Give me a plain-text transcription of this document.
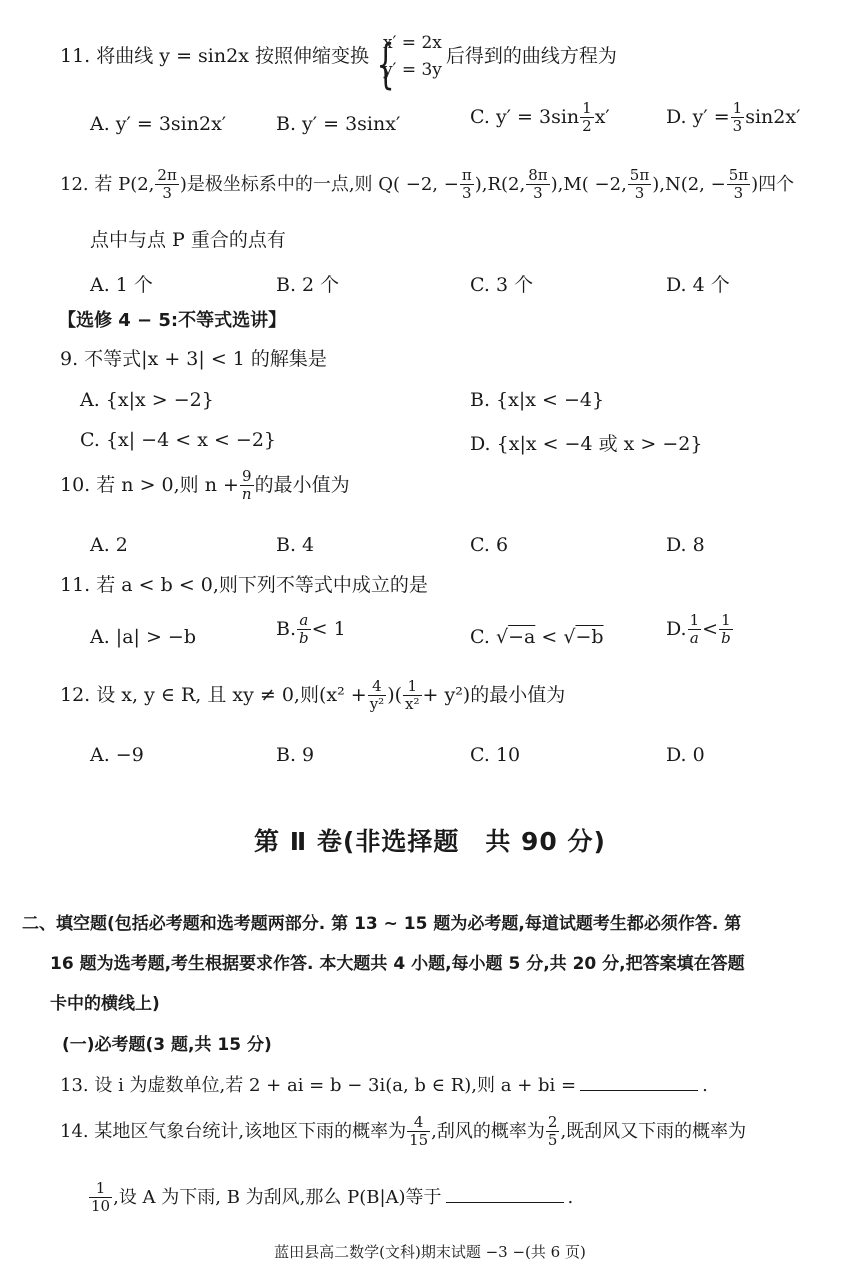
11. 将曲线 y = sin2x 按照伸缩变换
{ x′ = 2x
y′ = 3y
后得到的曲线方程为
A. y′ = 3sin2x′	B. y′ = 3sinx′	C. $y' = 3\sin \frac{1}{2} x'$	D. $y' = \frac{1}{3} \sin 2x'$
12. 若 P(2, $\frac{2\pi}{3}$ )是极坐标系中的一点,则 Q( −2, − $\frac{\pi}{3} ),R(2$, $\frac{8\pi}{3} ),M( -2$, $\frac{5\pi}{3} ),N(2$, − $\frac{5\pi}{3}$ )四个
点中与点 P 重合的点有
A. 1 个	B. 2 个	C. 3 个	D. 4 个
【选修 4 − 5:不等式选讲】
9. 不等式|x + 3| < 1 的解集是
A. {x|x > −2}	B. {x|x < −4}
C. {x| −4 < x < −2}	D. {x|x < −4 或 x > −2}
10. 若 n > 0,则 $n + \frac{9}{n}$ 的最小值为
A. 2	B. 4	C. 6	D. 8
11. 若 a < b < 0,则下列不等式中成立的是
A. |a| > −b	B. $\frac{a}{b} < 1$	C. √−a < √−b	D. $\frac{1}{a} < \frac{1}{b}$
12. 设 x, y ∈ R, 且 xy ≠ 0,则($x^2 + \frac{4}{\text{y²}}$ )( $\frac{1}{\text{x²}} + y^2$)的最小值为
A. −9	B. 9	C. 10	D. 0
第 Ⅱ 卷(非选择题　共 90 分)
二、填空题(包括必考题和选考题两部分. 第 13 ~ 15 题为必考题,每道试题考生都必须作答. 第
16 题为选考题,考生根据要求作答. 本大题共 4 小题,每小题 5 分,共 20 分,把答案填在答题
卡中的横线上)
(一)必考题(3 题,共 15 分)
13. 设 i 为虚数单位,若 2 + ai = b − 3i(a, b ∈ R),则 a + bi =	.
14. 某地区气象台统计,该地区下雨的概率为 $\frac{4}{15}$ ,刮风的概率为 $\frac{2}{5}$ ,既刮风又下雨的概率为
$\frac{1}{10}$ ,设 A 为下雨, B 为刮风,那么 P(B|A)等于	.
蓝田县高二数学(文科)期末试题 −3 −(共 6 页)
